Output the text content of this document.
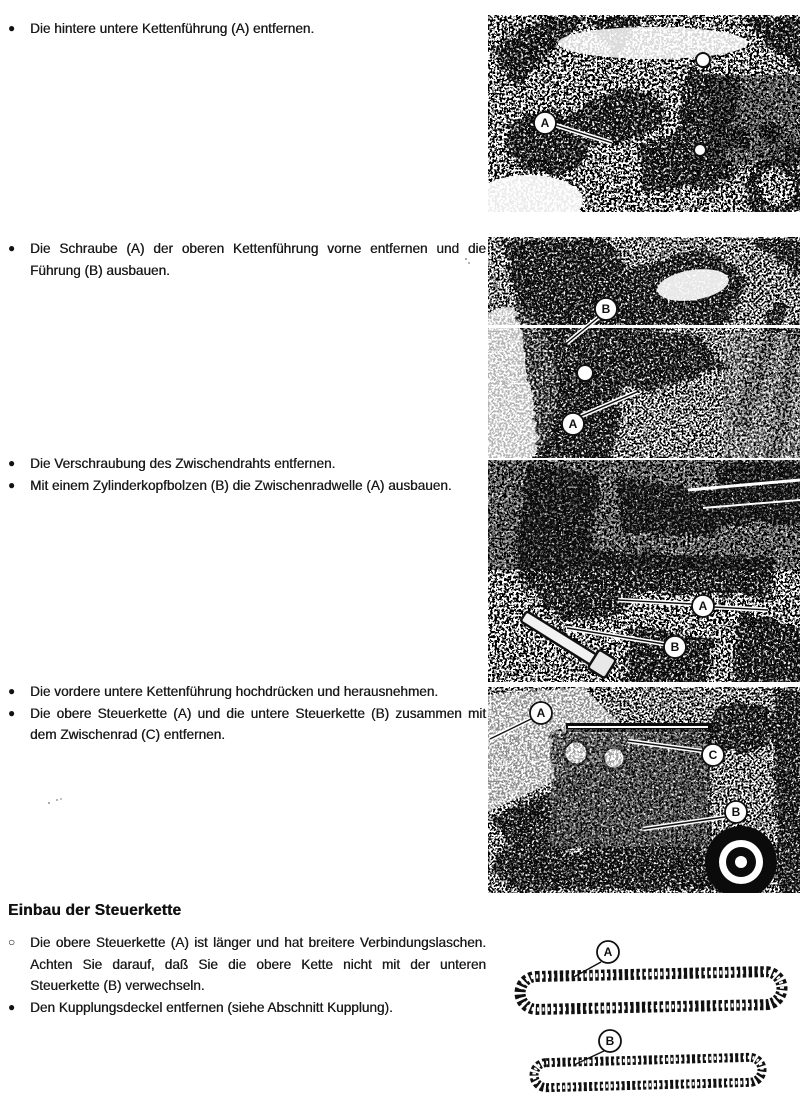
●	Die hintere untere Kettenführung (A) entfernen.

●	Die Schraube (A) der oberen Kettenführung vorne entfernen und die Führung (B) ausbauen.

●	Die Verschraubung des Zwischendrahts entfernen.

●	Mit einem Zylinderkopfbolzen (B) die Zwischenradwelle (A) ausbauen.

●	Die vordere untere Kettenführung hochdrücken und herausnehmen.

●	Die obere Steuerkette (A) und die untere Steuerkette (B) zusammen mit dem Zwischenrad (C) entfernen.

Einbau der Steuerkette
○	Die obere Steuerkette (A) ist länger und hat breitere Verbindungslaschen. Achten Sie darauf, daß Sie die obere Kette nicht mit der unteren Steuerkette (B) verwechseln.

●	Den Kupplungsdeckel entfernen (siehe Abschnitt Kupplung).

A
B
A
A
B
A
C
B
A
B
